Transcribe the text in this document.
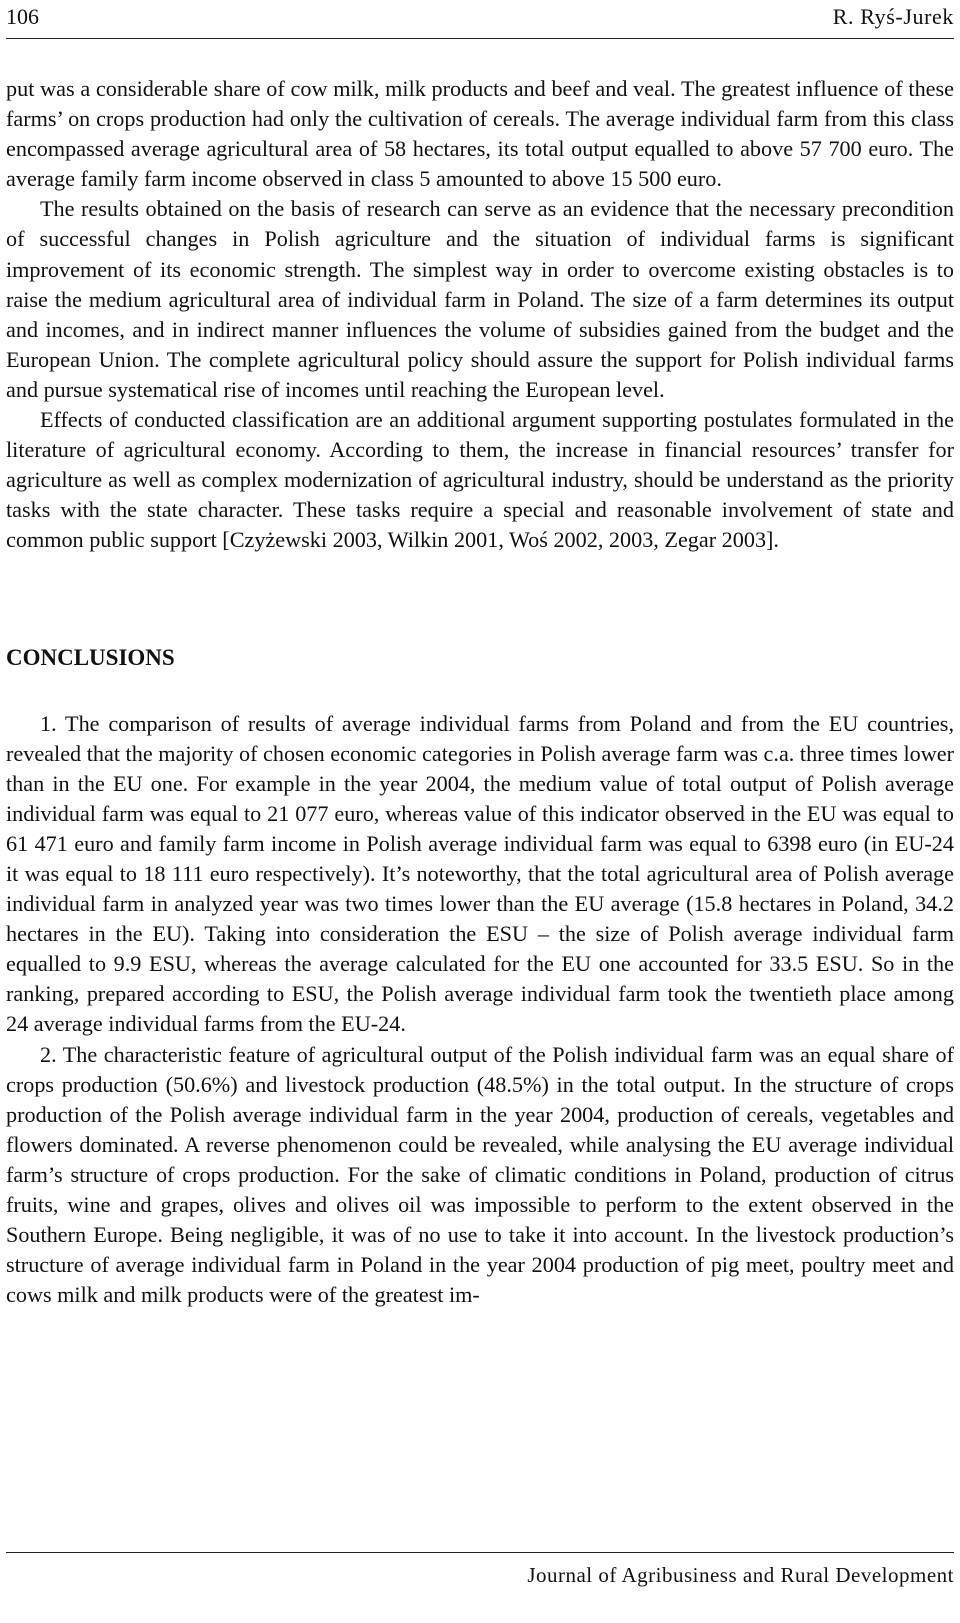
106	R. Ryś-Jurek

put was a considerable share of cow milk, milk products and beef and veal. The greatest influence of these farms’ on crops production had only the cultivation of cereals. The average individual farm from this class encompassed average agricultural area of 58 hectares, its total output equalled to above 57 700 euro. The average family farm income observed in class 5 amounted to above 15 500 euro.

The results obtained on the basis of research can serve as an evidence that the necessary precondition of successful changes in Polish agriculture and the situation of individual farms is significant improvement of its economic strength. The simplest way in order to overcome existing obstacles is to raise the medium agricultural area of individual farm in Poland. The size of a farm determines its output and incomes, and in indirect manner influences the volume of subsidies gained from the budget and the European Union. The complete agricultural policy should assure the support for Polish individual farms and pursue systematical rise of incomes until reaching the European level.

Effects of conducted classification are an additional argument supporting postulates formulated in the literature of agricultural economy. According to them, the increase in financial resources’ transfer for agriculture as well as complex modernization of agricultural industry, should be understand as the priority tasks with the state character. These tasks require a special and reasonable involvement of state and common public support [Czyżewski 2003, Wilkin 2001, Woś 2002, 2003, Zegar 2003].

CONCLUSIONS

1. The comparison of results of average individual farms from Poland and from the EU countries, revealed that the majority of chosen economic categories in Polish average farm was c.a. three times lower than in the EU one. For example in the year 2004, the medium value of total output of Polish average individual farm was equal to 21 077 euro, whereas value of this indicator observed in the EU was equal to 61 471 euro and family farm income in Polish average individual farm was equal to 6398 euro (in EU-24 it was equal to 18 111 euro respectively). It’s noteworthy, that the total agricultural area of Polish average individual farm in analyzed year was two times lower than the EU average (15.8 hectares in Poland, 34.2 hectares in the EU). Taking into consideration the ESU – the size of Polish average individual farm equalled to 9.9 ESU, whereas the average calculated for the EU one accounted for 33.5 ESU. So in the ranking, prepared according to ESU, the Polish average individual farm took the twentieth place among 24 average individual farms from the EU-24.

2. The characteristic feature of agricultural output of the Polish individual farm was an equal share of crops production (50.6%) and livestock production (48.5%) in the total output. In the structure of crops production of the Polish average individual farm in the year 2004, production of cereals, vegetables and flowers dominated. A reverse phenomenon could be revealed, while analysing the EU average individual farm’s structure of crops production. For the sake of climatic conditions in Poland, production of citrus fruits, wine and grapes, olives and olives oil was impossible to perform to the extent observed in the Southern Europe. Being negligible, it was of no use to take it into account. In the livestock production’s structure of average individual farm in Poland in the year 2004 production of pig meet, poultry meet and cows milk and milk products were of the greatest im-

Journal of Agribusiness and Rural Development
